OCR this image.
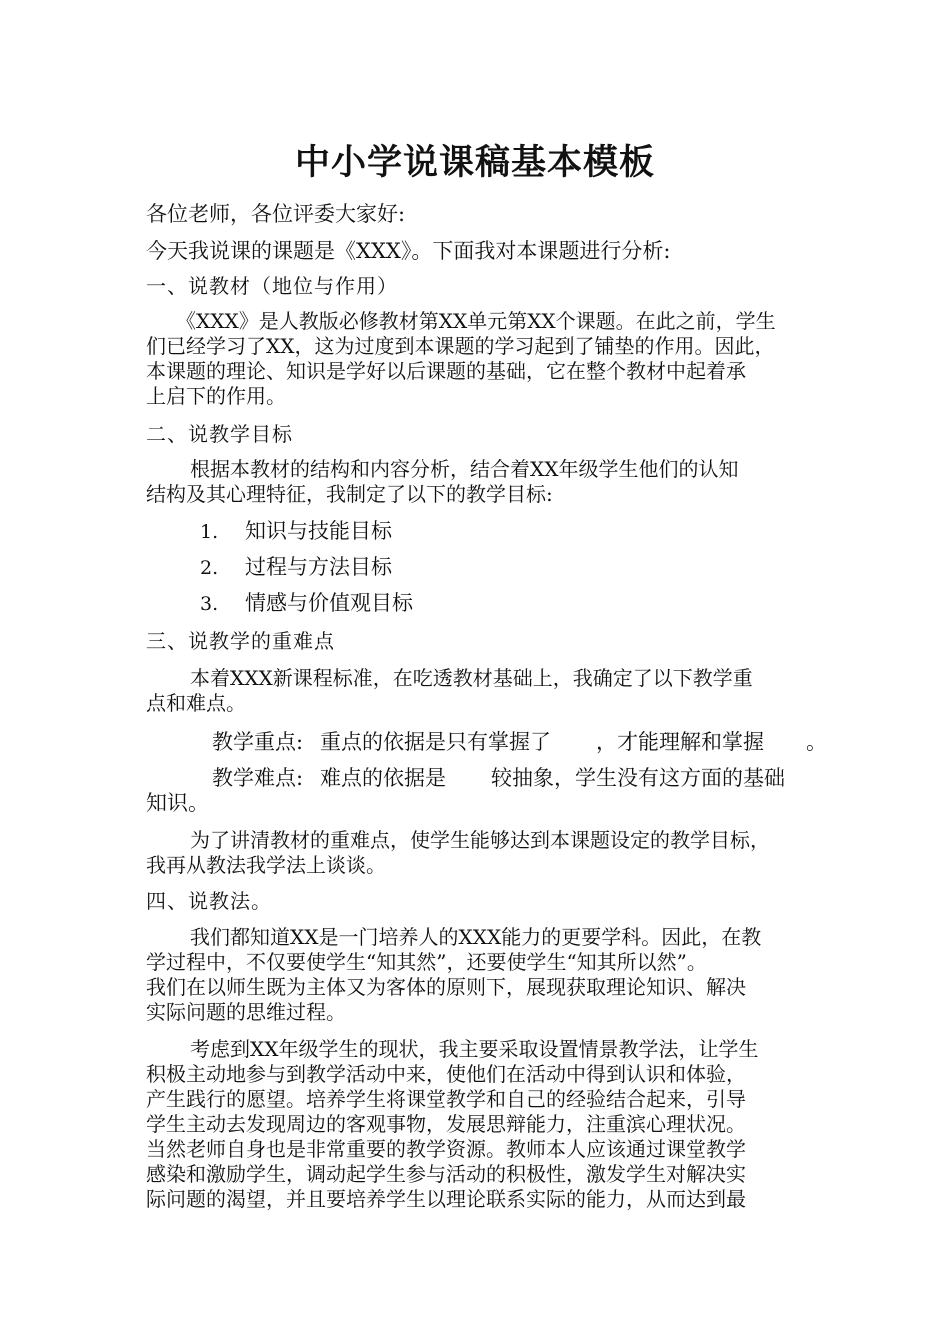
中小学说课稿基本模板
各位老师，各位评委大家好:
今天我说课的课题是《XXX》。下面我对本课题进行分析:
一、说教材（地位与作用）
《XXX》是人教版必修教材第XX单元第XX个课题。在此之前，学生
们已经学习了XX，这为过度到本课题的学习起到了铺垫的作用。因此，
本课题的理论、知识是学好以后课题的基础，它在整个教材中起着承
上启下的作用。
二、说教学目标
根据本教材的结构和内容分析，结合着XX年级学生他们的认知
结构及其心理特征，我制定了以下的教学目标:
1. 知识与技能目标
2. 过程与方法目标
3. 情感与价值观目标
三、说教学的重难点
本着XXX新课程标准，在吃透教材基础上，我确定了以下教学重
点和难点。
教学重点: 重点的依据是只有掌握了 ，才能理解和掌握 。
教学难点: 难点的依据是 较抽象，学生没有这方面的基础
知识。
为了讲清教材的重难点，使学生能够达到本课题设定的教学目标，
我再从教法我学法上谈谈。
四、说教法。
我们都知道XX是一门培养人的XXX能力的更要学科。因此，在教
学过程中，不仅要使学生“知其然”，还要使学生“知其所以然”。
我们在以师生既为主体又为客体的原则下，展现获取理论知识、解决
实际问题的思维过程。
考虑到XX年级学生的现状，我主要采取设置情景教学法，让学生
积极主动地参与到教学活动中来，使他们在活动中得到认识和体验，
产生践行的愿望。培养学生将课堂教学和自己的经验结合起来，引导
学生主动去发现周边的客观事物，发展思辩能力，注重滨心理状况。
当然老师自身也是非常重要的教学资源。教师本人应该通过课堂教学
感染和激励学生，调动起学生参与活动的积极性，激发学生对解决实
际问题的渴望，并且要培养学生以理论联系实际的能力，从而达到最
